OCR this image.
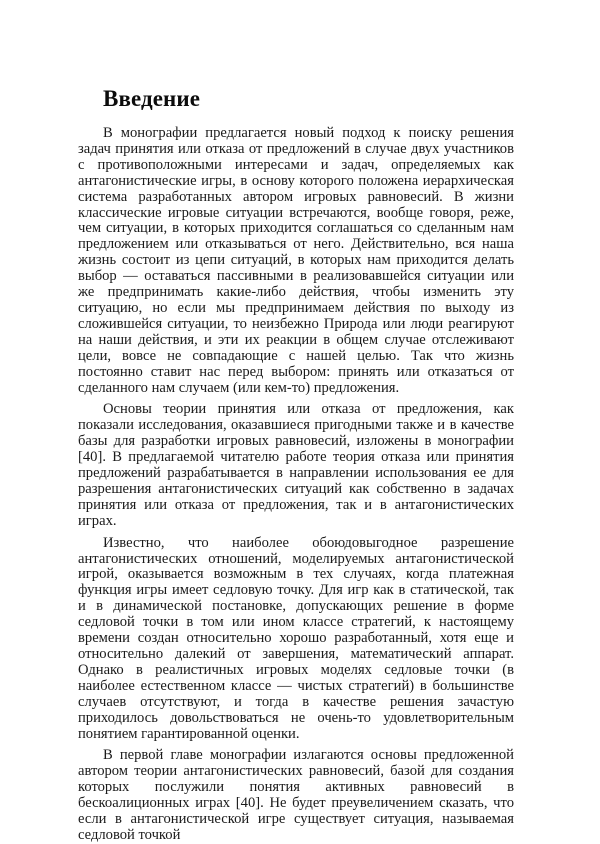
Введение

В монографии предлагается новый подход к поиску решения задач принятия или отказа от предложений в случае двух участников с противоположными интересами и задач, определяемых как антагонистические игры, в основу которого положена иерархическая система разработанных автором игровых равновесий. В жизни классические игровые ситуации встречаются, вообще говоря, реже, чем ситуации, в которых приходится соглашаться со сделанным нам предложением или отказываться от него. Действительно, вся наша жизнь состоит из цепи ситуаций, в которых нам приходится делать выбор — оставаться пассивными в реализовавшейся ситуации или же предпринимать какие-либо действия, чтобы изменить эту ситуацию, но если мы предпринимаем действия по выходу из сложившейся ситуации, то неизбежно Природа или люди реагируют на наши действия, и эти их реакции в общем случае отслеживают цели, вовсе не совпадающие с нашей целью. Так что жизнь постоянно ставит нас перед выбором: принять или отказаться от сделанного нам случаем (или кем-то) предложения.

Основы теории принятия или отказа от предложения, как показали исследования, оказавшиеся пригодными также и в качестве базы для разработки игровых равновесий, изложены в монографии [40]. В предлагаемой читателю работе теория отказа или принятия предложений разрабатывается в направлении использования ее для разрешения антагонистических ситуаций как собственно в задачах принятия или отказа от предложения, так и в антагонистических играх.

Известно, что наиболее обоюдовыгодное разрешение антагонистических отношений, моделируемых антагонистической игрой, оказывается возможным в тех случаях, когда платежная функция игры имеет седловую точку. Для игр как в статической, так и в динамической постановке, допускающих решение в форме седловой точки в том или ином классе стратегий, к настоящему времени создан относительно хорошо разработанный, хотя еще и относительно далекий от завершения, математический аппарат. Однако в реалистичных игровых моделях седловые точки (в наиболее естественном классе — чистых стратегий) в большинстве случаев отсутствуют, и тогда в качестве решения зачастую приходилось довольствоваться не очень-то удовлетворительным понятием гарантированной оценки.

В первой главе монографии излагаются основы предложенной автором теории антагонистических равновесий, базой для создания которых послужили понятия активных равновесий в бескоалиционных играх [40]. Не будет преувеличением сказать, что если в антагонистической игре существует ситуация, называемая седловой точкой
